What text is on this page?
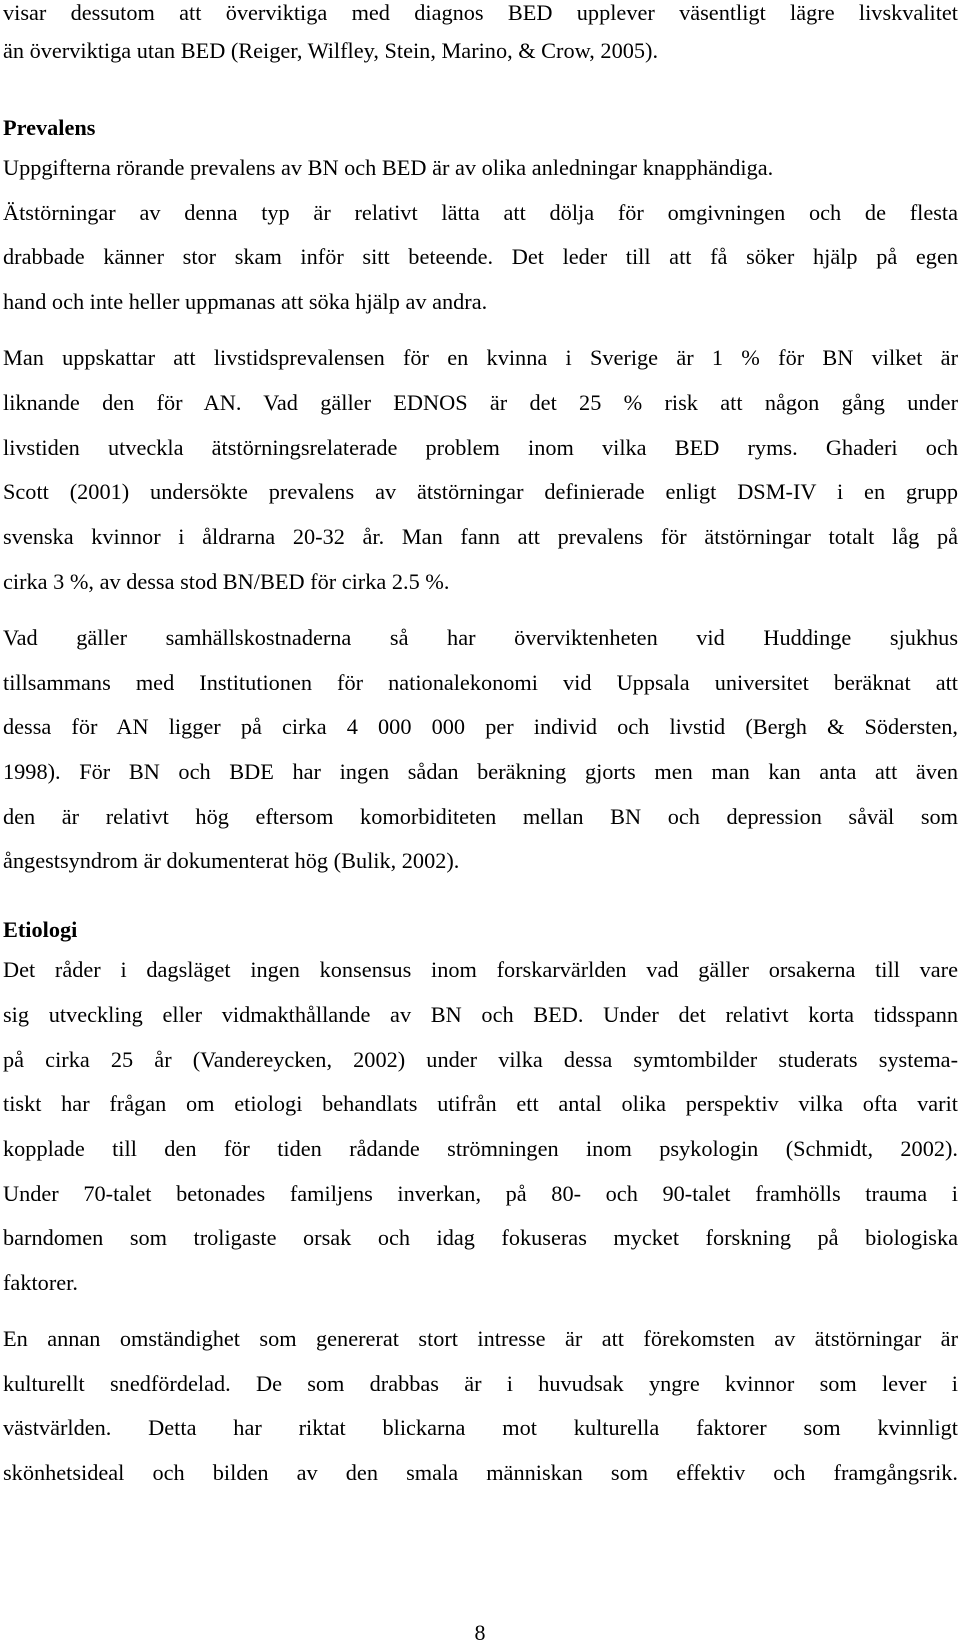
visar dessutom att överviktiga med diagnos BED upplever väsentligt lägre livskvalitet
än överviktiga utan BED (Reiger, Wilfley, Stein, Marino, & Crow, 2005).
Prevalens
Uppgifterna rörande prevalens av BN och BED är av olika anledningar knapphändiga.
Ätstörningar av denna typ är relativt lätta att dölja för omgivningen och de flesta
drabbade känner stor skam inför sitt beteende. Det leder till att få söker hjälp på egen
hand och inte heller uppmanas att söka hjälp av andra.
Man uppskattar att livstidsprevalensen för en kvinna i Sverige är 1 % för BN vilket är
liknande den för AN. Vad gäller EDNOS är det 25 % risk att någon gång under
livstiden utveckla ätstörningsrelaterade problem inom vilka BED ryms. Ghaderi och
Scott (2001) undersökte prevalens av ätstörningar definierade enligt DSM-IV i en grupp
svenska kvinnor i åldrarna 20-32 år. Man fann att prevalens för ätstörningar totalt låg på
cirka 3 %, av dessa stod BN/BED för cirka 2.5 %.
Vad gäller samhällskostnaderna så har överviktenheten vid Huddinge sjukhus
tillsammans med Institutionen för nationalekonomi vid Uppsala universitet beräknat att
dessa för AN ligger på cirka 4 000 000 per individ och livstid (Bergh & Södersten,
1998). För BN och BDE har ingen sådan beräkning gjorts men man kan anta att även
den är relativt hög eftersom komorbiditeten mellan BN och depression såväl som
ångestsyndrom är dokumenterat hög (Bulik, 2002).
Etiologi
Det råder i dagsläget ingen konsensus inom forskarvärlden vad gäller orsakerna till vare
sig utveckling eller vidmakthållande av BN och BED. Under det relativt korta tidsspann
på cirka 25 år (Vandereycken, 2002) under vilka dessa symtombilder studerats systema-
tiskt har frågan om etiologi behandlats utifrån ett antal olika perspektiv vilka ofta varit
kopplade till den för tiden rådande strömningen inom psykologin (Schmidt, 2002).
Under 70-talet betonades familjens inverkan, på 80- och 90-talet framhölls trauma i
barndomen som troligaste orsak och idag fokuseras mycket forskning på biologiska
faktorer.
En annan omständighet som genererat stort intresse är att förekomsten av ätstörningar är
kulturellt snedfördelad. De som drabbas är i huvudsak yngre kvinnor som lever i
västvärlden. Detta har riktat blickarna mot kulturella faktorer som kvinnligt
skönhetsideal och bilden av den smala människan som effektiv och framgångsrik.
8
